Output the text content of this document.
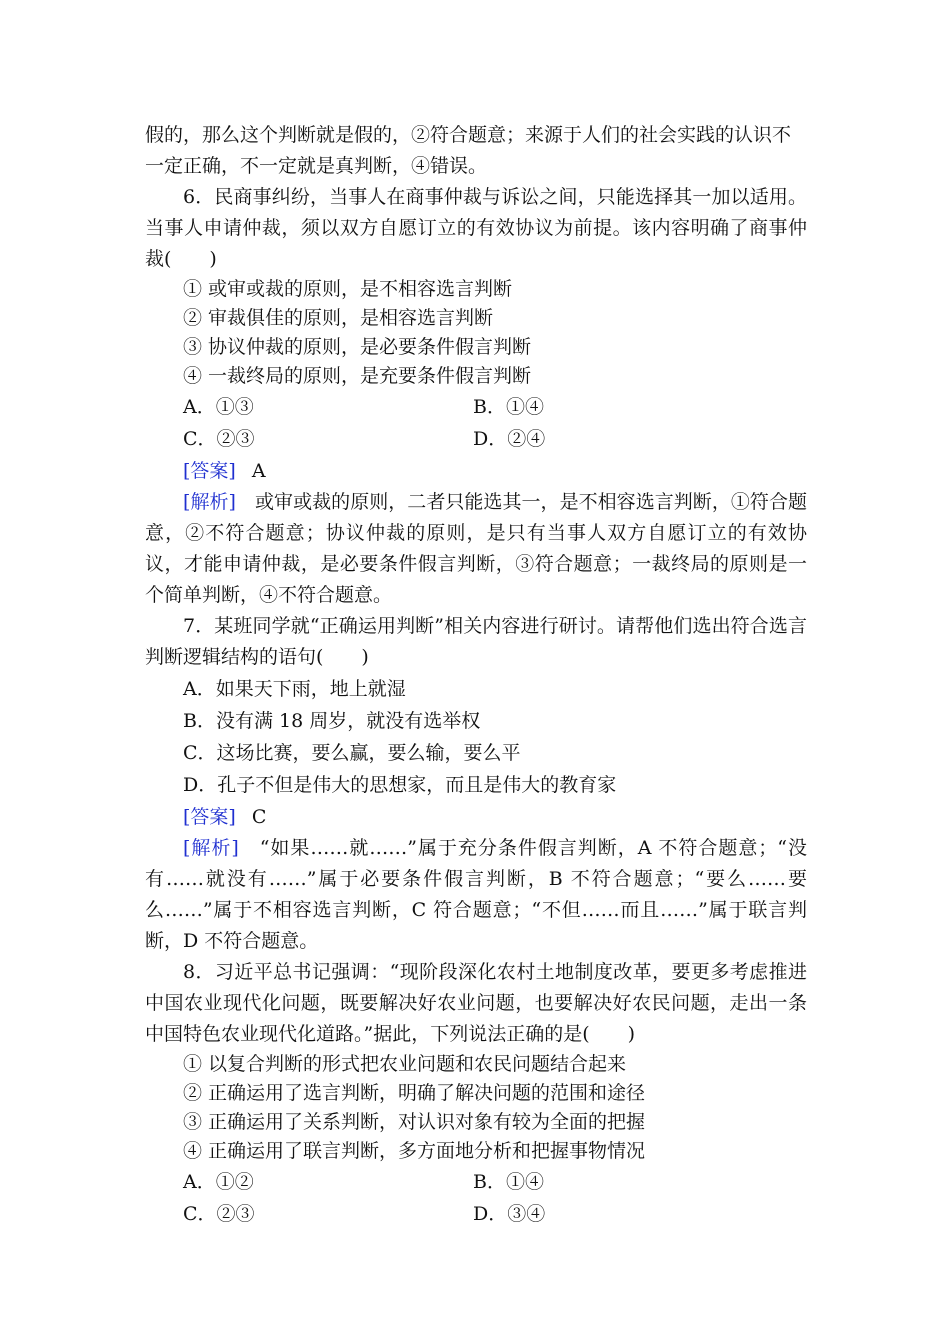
假的，那么这个判断就是假的，②符合题意；来源于人们的社会实践的认识不

一定正确，不一定就是真判断，④错误。

6．民商事纠纷，当事人在商事仲裁与诉讼之间，只能选择其一加以适用。当事人申请仲裁，须以双方自愿订立的有效协议为前提。该内容明确了商事仲裁(　　)

① 或审或裁的原则，是不相容选言判断

② 审裁俱佳的原则，是相容选言判断

③ 协议仲裁的原则，是必要条件假言判断

④ 一裁终局的原则，是充要条件假言判断

A．①③	B．①④
C．②③	D．②④

[答案] A

[解析]　 或审或裁的原则，二者只能选其一，是不相容选言判断，①符合题意，②不符合题意；协议仲裁的原则，是只有当事人双方自愿订立的有效协议，才能申请仲裁，是必要条件假言判断，③符合题意；一裁终局的原则是一个简单判断，④不符合题意。

7．某班同学就“正确运用判断”相关内容进行研讨。请帮他们选出符合选言判断逻辑结构的语句(　　)

A．如果天下雨，地上就湿

B．没有满 18 周岁，就没有选举权

C．这场比赛，要么赢，要么输，要么平

D．孔子不但是伟大的思想家，而且是伟大的教育家

[答案] C

[解析]　 “如果……就……”属于充分条件假言判断，A 不符合题意；“没有……就没有……”属于必要条件假言判断，B 不符合题意；“要么……要么……”属于不相容选言判断，C 符合题意；“不但……而且……”属于联言判断，D 不符合题意。

8．习近平总书记强调：“现阶段深化农村土地制度改革，要更多考虑推进中国农业现代化问题，既要解决好农业问题，也要解决好农民问题，走出一条中国特色农业现代化道路。”据此，下列说法正确的是(　　)

① 以复合判断的形式把农业问题和农民问题结合起来

② 正确运用了选言判断，明确了解决问题的范围和途径

③ 正确运用了关系判断，对认识对象有较为全面的把握

④ 正确运用了联言判断，多方面地分析和把握事物情况

A．①②	B．①④
C．②③	D．③④
